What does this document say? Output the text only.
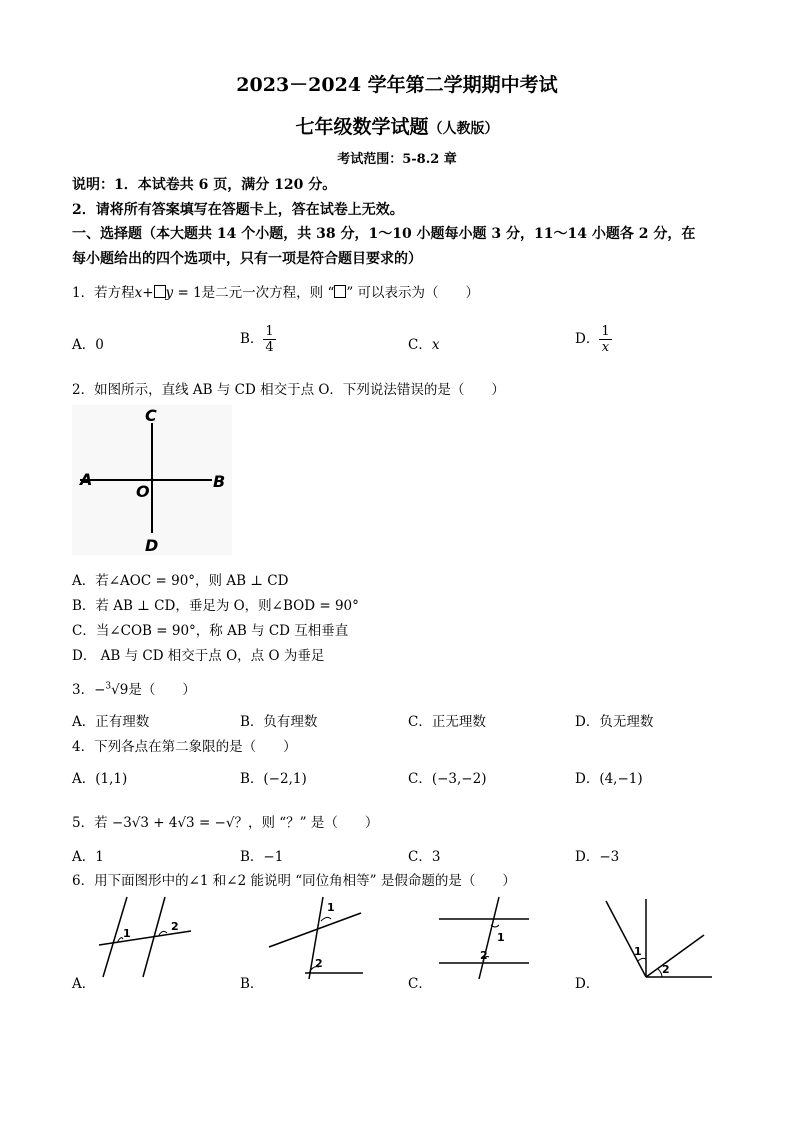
2023－2024 学年第二学期期中考试
七年级数学试题（人教版）
考试范围：5-8.2 章
说明：1．本试卷共 6 页，满分 120 分。
2．请将所有答案填写在答题卡上，答在试卷上无效。
一、选择题（本大题共 14 个小题，共 38 分，1～10 小题每小题 3 分，11～14 小题各 2 分，在
每小题给出的四个选项中，只有一项是符合题目要求的）
1．若方程x+ y = 1是二元一次方程，则 “ ” 可以表示为（　　）
A．0	B． $\frac{1}{4}$	C．x	D． $\frac{1}{x}$
2．如图所示，直线 AB 与 CD 相交于点 O．下列说法错误的是（　　）
C
D
A	B
O
A．若∠AOC = 90°，则 AB ⊥ CD
B．若 AB ⊥ CD，垂足为 O，则∠BOD = 90°
C．当∠COB = 90°，称 AB 与 CD 互相垂直
D． AB 与 CD 相交于点 O，点 O 为垂足
3．−$^3$√9是（　　）
A．正有理数	B．负有理数	C．正无理数	D．负无理数
4．下列各点在第二象限的是（　　）
A．(1,1)	B．(−2,1)	C．(−3,−2)	D．(4,−1)
5．若 −3√3 + 4√3 = −√？，则 “？” 是（　　）
A．1	B．−1	C．3	D．−3
6．用下面图形中的∠1 和∠2 能说明 “同位角相等” 是假命题的是（　　）
A．
1
2
B．
1
2
C．
1
2
D．
1
2
